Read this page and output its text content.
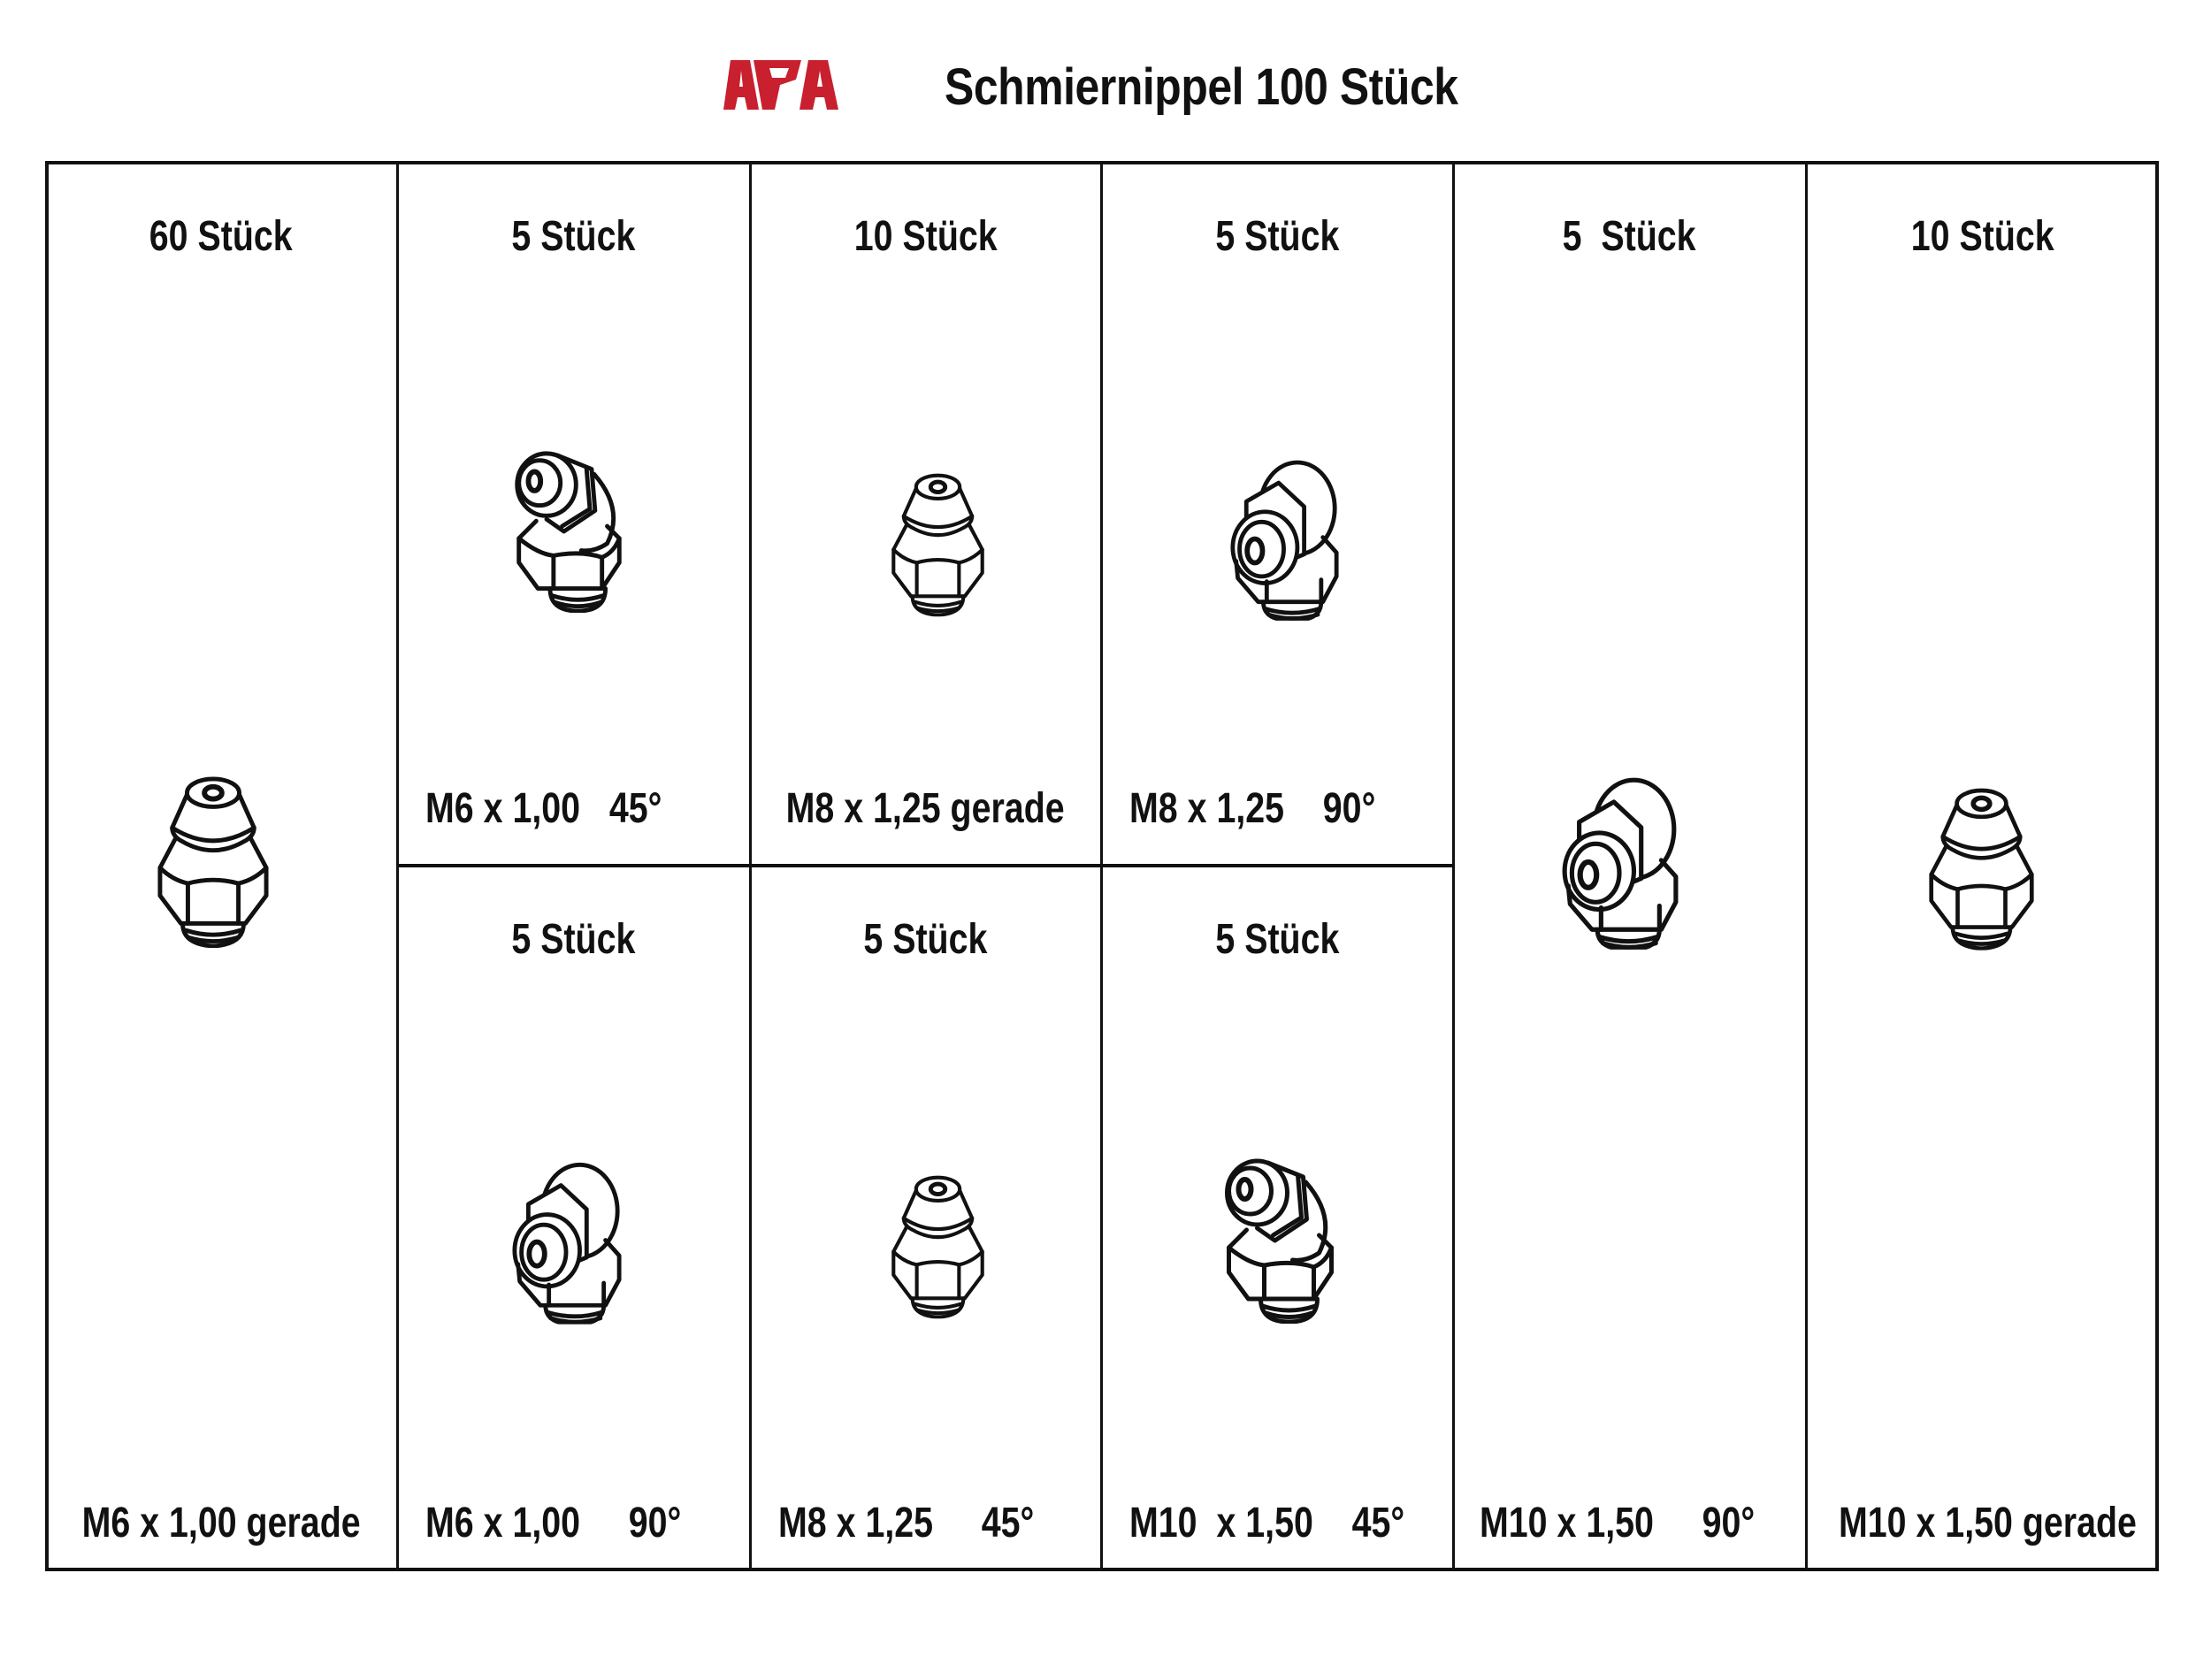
Schmiernippel 100 Stück
60 Stück
M6 x 1,00 gerade
5 Stück
M6 x 1,00   45°
10 Stück
M8 x 1,25 gerade
5 Stück
M8 x 1,25    90°
5 Stück
M6 x 1,00     90°
5 Stück
M8 x 1,25     45°
5 Stück
M10  x 1,50    45°
5  Stück
M10 x 1,50     90°
10 Stück
M10 x 1,50 gerade
